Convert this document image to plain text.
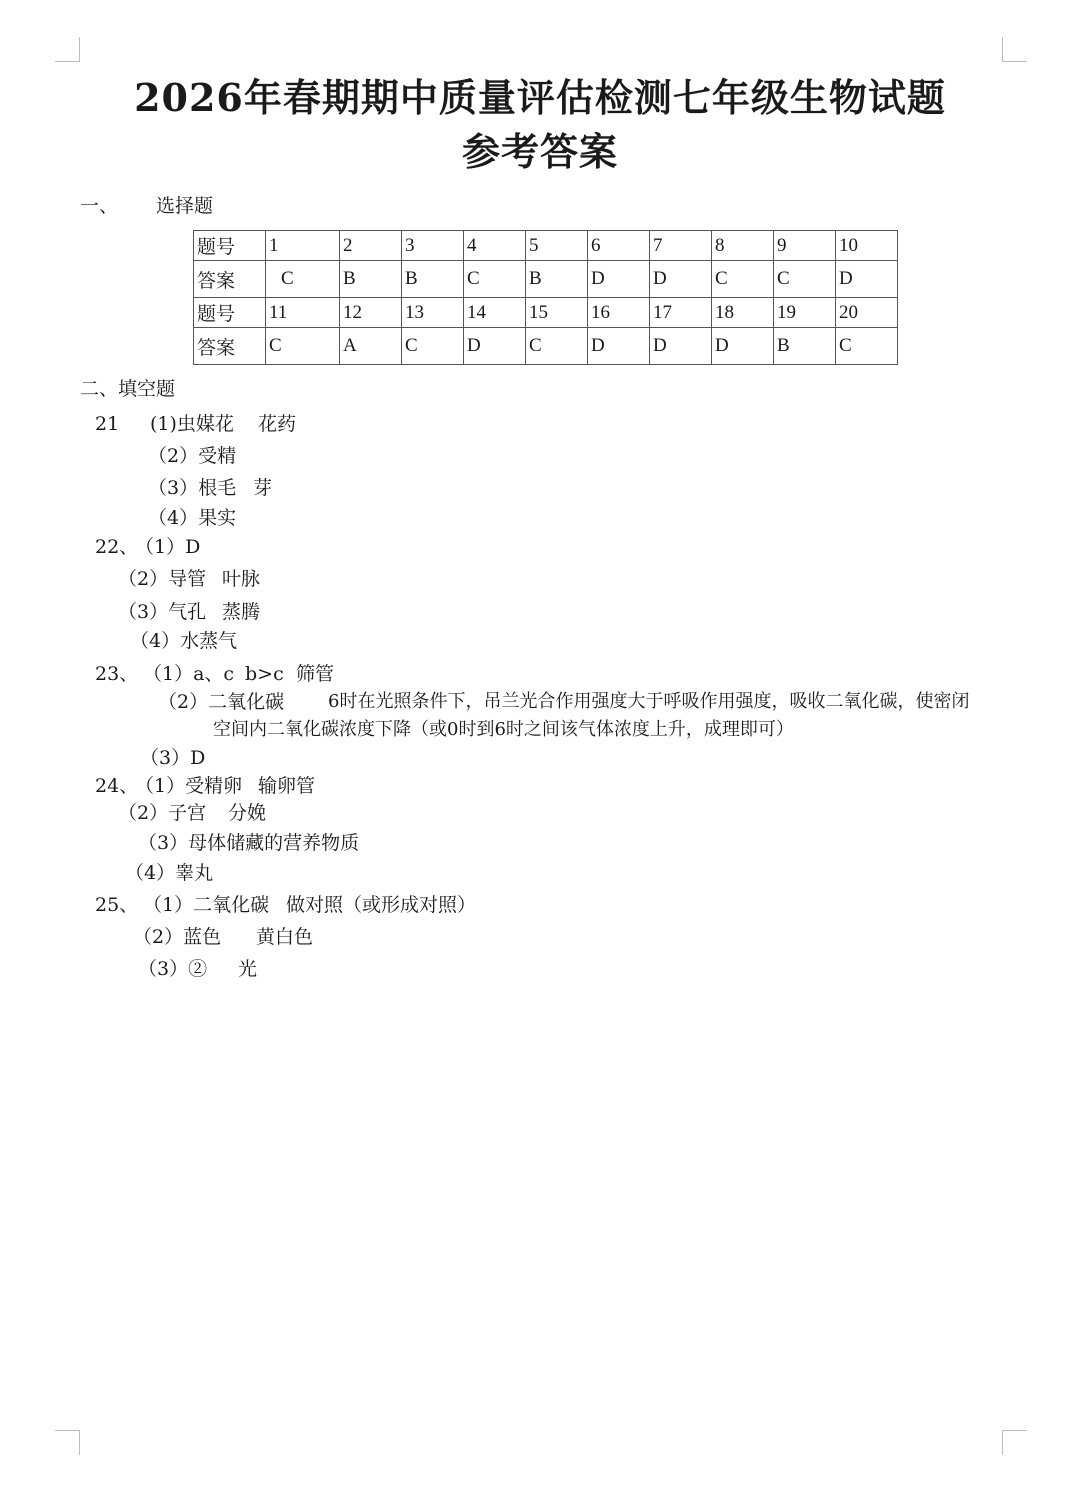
2026年春期期中质量评估检测七年级生物试题
参考答案
一、 选择题
题号	1	2	3	4	5	6	7	8	9	10
答案	C	B	B	C	B	D	D	C	C	D
题号	11	12	13	14	15	16	17	18	19	20
答案	C	A	C	D	C	D	D	D	B	C
二、填空题
21 (1)虫媒花 花药
（2）受精
（3）根毛 芽
（4）果实
22、
（1）D
（2）导管 叶脉
（3）气孔 蒸腾
（4）水蒸气
23、 （1）a、c b>c 筛管
（2）二氧化碳 6时在光照条件下，吊兰光合作用强度大于呼吸作用强度，吸收二氧化碳，使密闭
空间内二氧化碳浓度下降（或0时到6时之间该气体浓度上升，成理即可）
（3）D
24、
（1）受精卵 输卵管
（2）子宫 分娩
（3）母体储藏的营养物质
（4）睾丸
25、 （1）二氧化碳 做对照（或形成对照）
（2）蓝色 黄白色
（3）② 光
